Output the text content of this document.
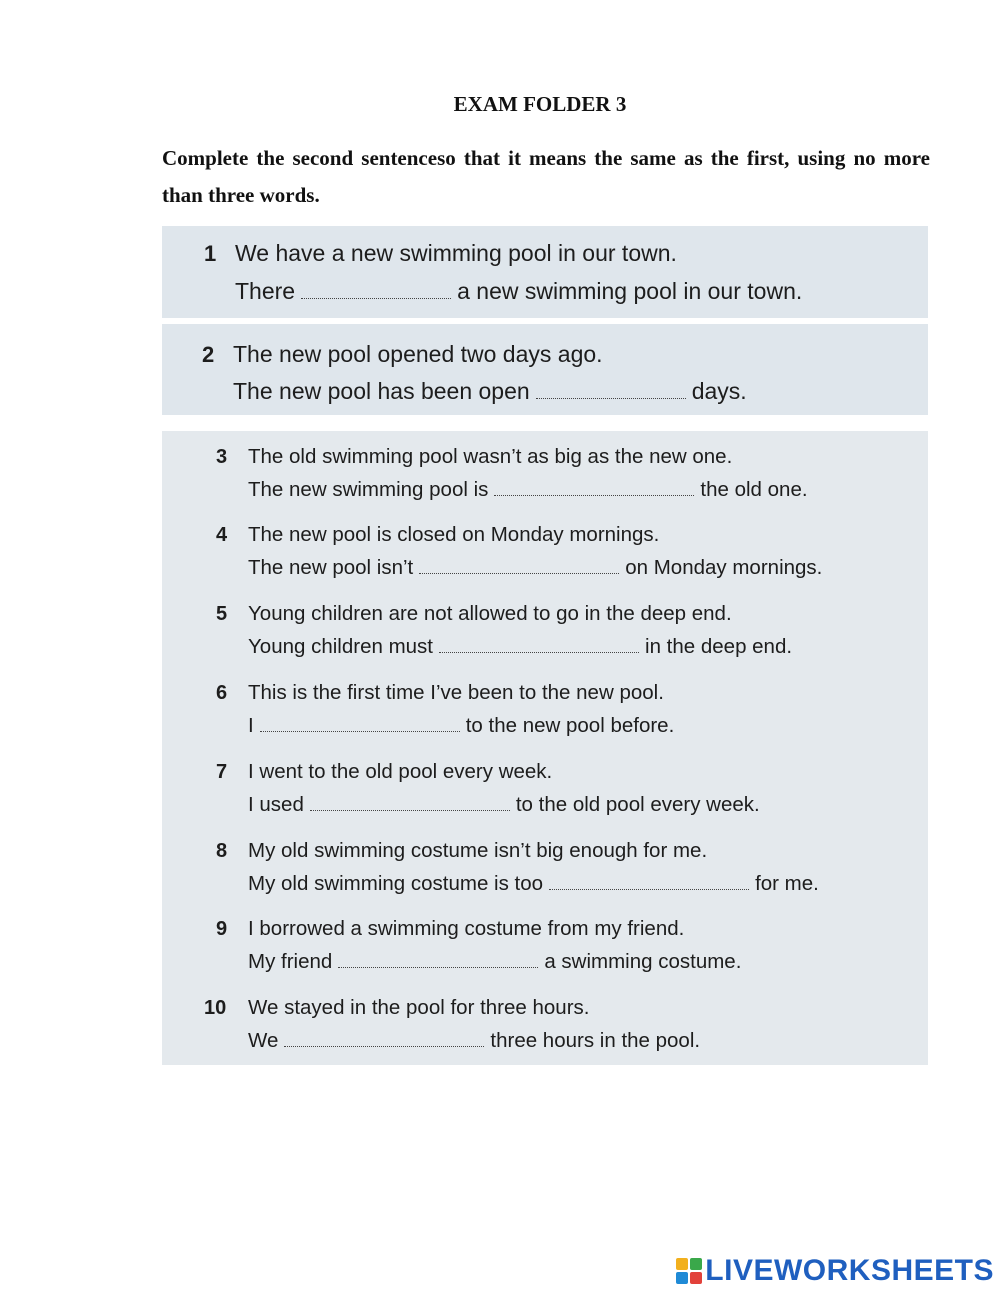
EXAM FOLDER 3
Complete the second sentenceso that it means the same as the first, using no more than three words.
1 We have a new swimming pool in our town.
There	a new swimming pool in our town.
2 The new pool opened two days ago.
The new pool has been open	days.
3 The old swimming pool wasn’t as big as the new one.
The new swimming pool is	the old one.
4 The new pool is closed on Monday mornings.
The new pool isn’t	on Monday mornings.
5 Young children are not allowed to go in the deep end.
Young children must	in the deep end.
6 This is the first time I’ve been to the new pool.
I	to the new pool before.
7 I went to the old pool every week.
I used	to the old pool every week.
8 My old swimming costume isn’t big enough for me.
My old swimming costume is too	for me.
9 I borrowed a swimming costume from my friend.
My friend	a swimming costume.
10 We stayed in the pool for three hours.
We	three hours in the pool.
LIVEWORKSHEETS
